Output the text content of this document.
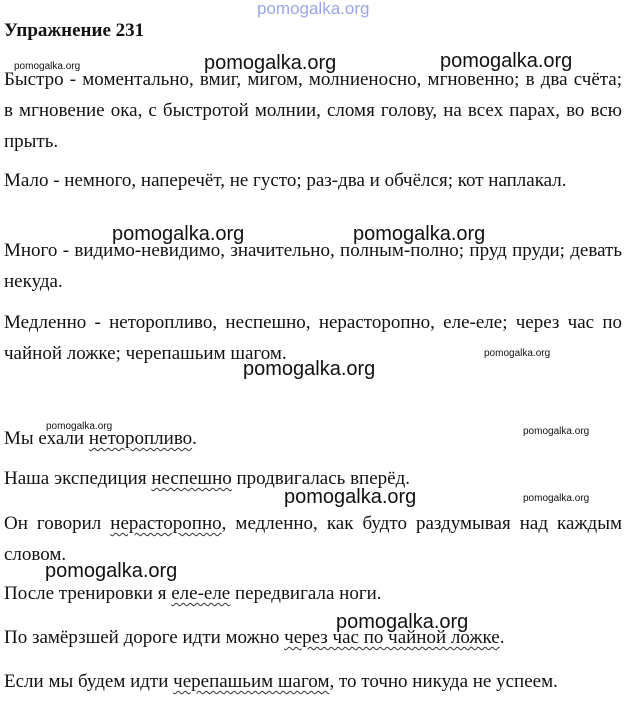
Упражнение 231

Быстро - моментально, вмиг, мигом, молниеносно, мгновенно; в два счёта; в мгновение ока, с быстротой молнии, сломя голову, на всех парах, во всю прыть.

Мало - немного, наперечёт, не густо; раз-два и обчёлся; кот наплакал.

Много - видимо-невидимо, значительно, полным-полно; пруд пруди; девать некуда.

Медленно - неторопливо, неспешно, нерасторопно, еле-еле; через час по чайной ложке; черепашьим шагом.

Мы ехали неторопливо.

Наша экспедиция неспешно продвигалась вперёд.

Он говорил нерасторопно, медленно, как будто раздумывая над каждым словом.

После тренировки я еле-еле передвигала ноги.

По замёрзшей дороге идти можно через час по чайной ложке.

Если мы будем идти черепашьим шагом, то точно никуда не успеем.

pomogalka.org
pomogalka.org	pomogalka.org	pomogalka.org
pomogalka.org	pomogalka.org
pomogalka.org
pomogalka.org
pomogalka.org	pomogalka.org
pomogalka.org	pomogalka.org
pomogalka.org
pomogalka.org
